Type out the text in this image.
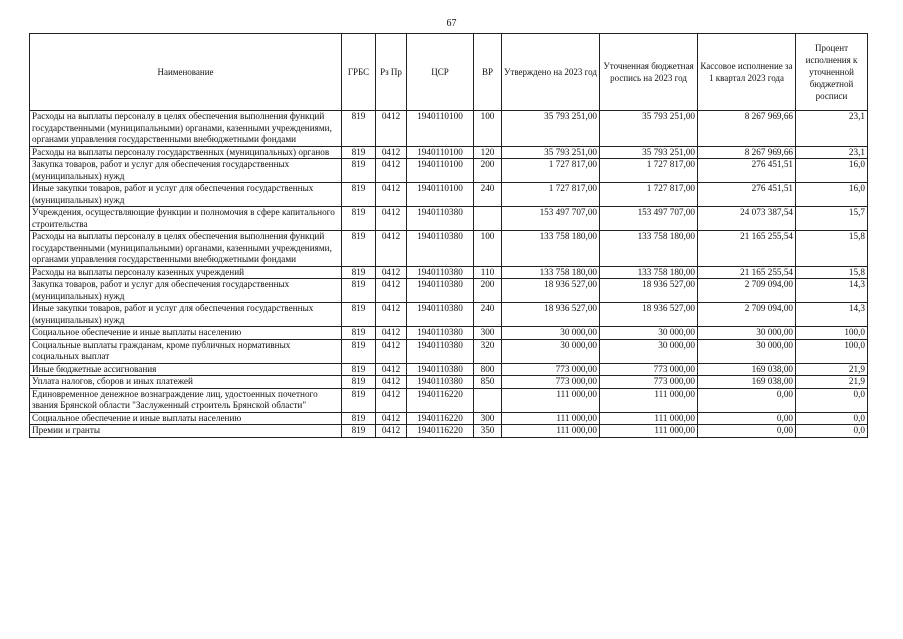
67
Наименование	ГРБС	Рз Пр	ЦСР	ВР	Утверждено на 2023 год	Уточненная бюджетная роспись на 2023 год	Кассовое исполнение за 1 квартал 2023 года	Процент исполнения к уточненной бюджетной росписи
Расходы на выплаты персоналу в целях обеспечения выполнения функций государственными (муниципальными) органами, казенными учреждениями, органами управления государственными внебюджетными фондами	819	0412	1940110100	100	35 793 251,00	35 793 251,00	8 267 969,66	23,1
Расходы на выплаты персоналу государственных (муниципальных) органов	819	0412	1940110100	120	35 793 251,00	35 793 251,00	8 267 969,66	23,1
Закупка товаров, работ и услуг для обеспечения государственных (муниципальных) нужд	819	0412	1940110100	200	1 727 817,00	1 727 817,00	276 451,51	16,0
Иные закупки товаров, работ и услуг для обеспечения государственных (муниципальных) нужд	819	0412	1940110100	240	1 727 817,00	1 727 817,00	276 451,51	16,0
Учреждения, осуществляющие функции и полномочия в сфере капитального строительства	819	0412	1940110380		153 497 707,00	153 497 707,00	24 073 387,54	15,7
Расходы на выплаты персоналу в целях обеспечения выполнения функций государственными (муниципальными) органами, казенными учреждениями, органами управления государственными внебюджетными фондами	819	0412	1940110380	100	133 758 180,00	133 758 180,00	21 165 255,54	15,8
Расходы на выплаты персоналу казенных учреждений	819	0412	1940110380	110	133 758 180,00	133 758 180,00	21 165 255,54	15,8
Закупка товаров, работ и услуг для обеспечения государственных (муниципальных) нужд	819	0412	1940110380	200	18 936 527,00	18 936 527,00	2 709 094,00	14,3
Иные закупки товаров, работ и услуг для обеспечения государственных (муниципальных) нужд	819	0412	1940110380	240	18 936 527,00	18 936 527,00	2 709 094,00	14,3
Социальное обеспечение и иные выплаты населению	819	0412	1940110380	300	30 000,00	30 000,00	30 000,00	100,0
Социальные выплаты гражданам, кроме публичных нормативных социальных выплат	819	0412	1940110380	320	30 000,00	30 000,00	30 000,00	100,0
Иные бюджетные ассигнования	819	0412	1940110380	800	773 000,00	773 000,00	169 038,00	21,9
Уплата налогов, сборов и иных платежей	819	0412	1940110380	850	773 000,00	773 000,00	169 038,00	21,9
Единовременное денежное вознаграждение лиц, удостоенных почетного звания Брянской области "Заслуженный строитель Брянской области"	819	0412	1940116220		111 000,00	111 000,00	0,00	0,0
Социальное обеспечение и иные выплаты населению	819	0412	1940116220	300	111 000,00	111 000,00	0,00	0,0
Премии и гранты	819	0412	1940116220	350	111 000,00	111 000,00	0,00	0,0
